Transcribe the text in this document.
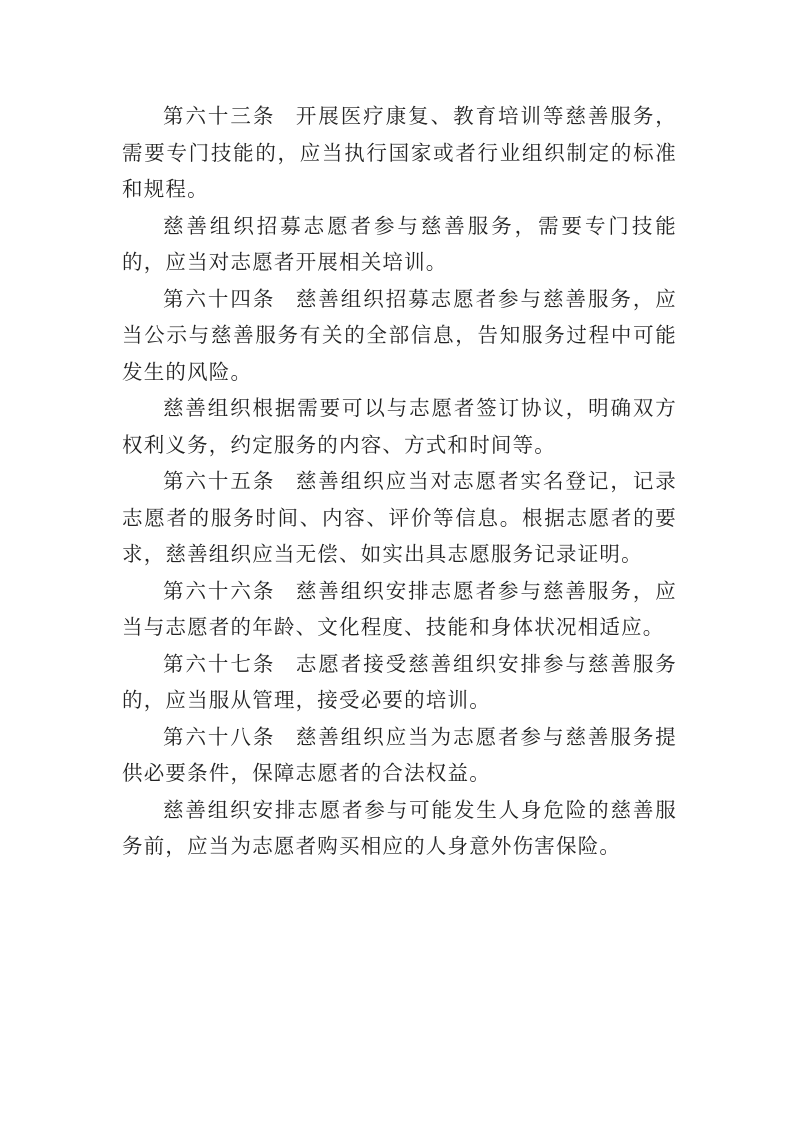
第六十三条 开展医疗康复、教育培训等慈善服务，需要专门技能的，应当执行国家或者行业组织制定的标准和规程。

慈善组织招募志愿者参与慈善服务，需要专门技能的，应当对志愿者开展相关培训。

第六十四条 慈善组织招募志愿者参与慈善服务，应当公示与慈善服务有关的全部信息，告知服务过程中可能发生的风险。

慈善组织根据需要可以与志愿者签订协议，明确双方权利义务，约定服务的内容、方式和时间等。

第六十五条 慈善组织应当对志愿者实名登记，记录志愿者的服务时间、内容、评价等信息。根据志愿者的要求，慈善组织应当无偿、如实出具志愿服务记录证明。

第六十六条 慈善组织安排志愿者参与慈善服务，应当与志愿者的年龄、文化程度、技能和身体状况相适应。

第六十七条 志愿者接受慈善组织安排参与慈善服务的，应当服从管理，接受必要的培训。

第六十八条 慈善组织应当为志愿者参与慈善服务提供必要条件，保障志愿者的合法权益。

慈善组织安排志愿者参与可能发生人身危险的慈善服务前，应当为志愿者购买相应的人身意外伤害保险。
